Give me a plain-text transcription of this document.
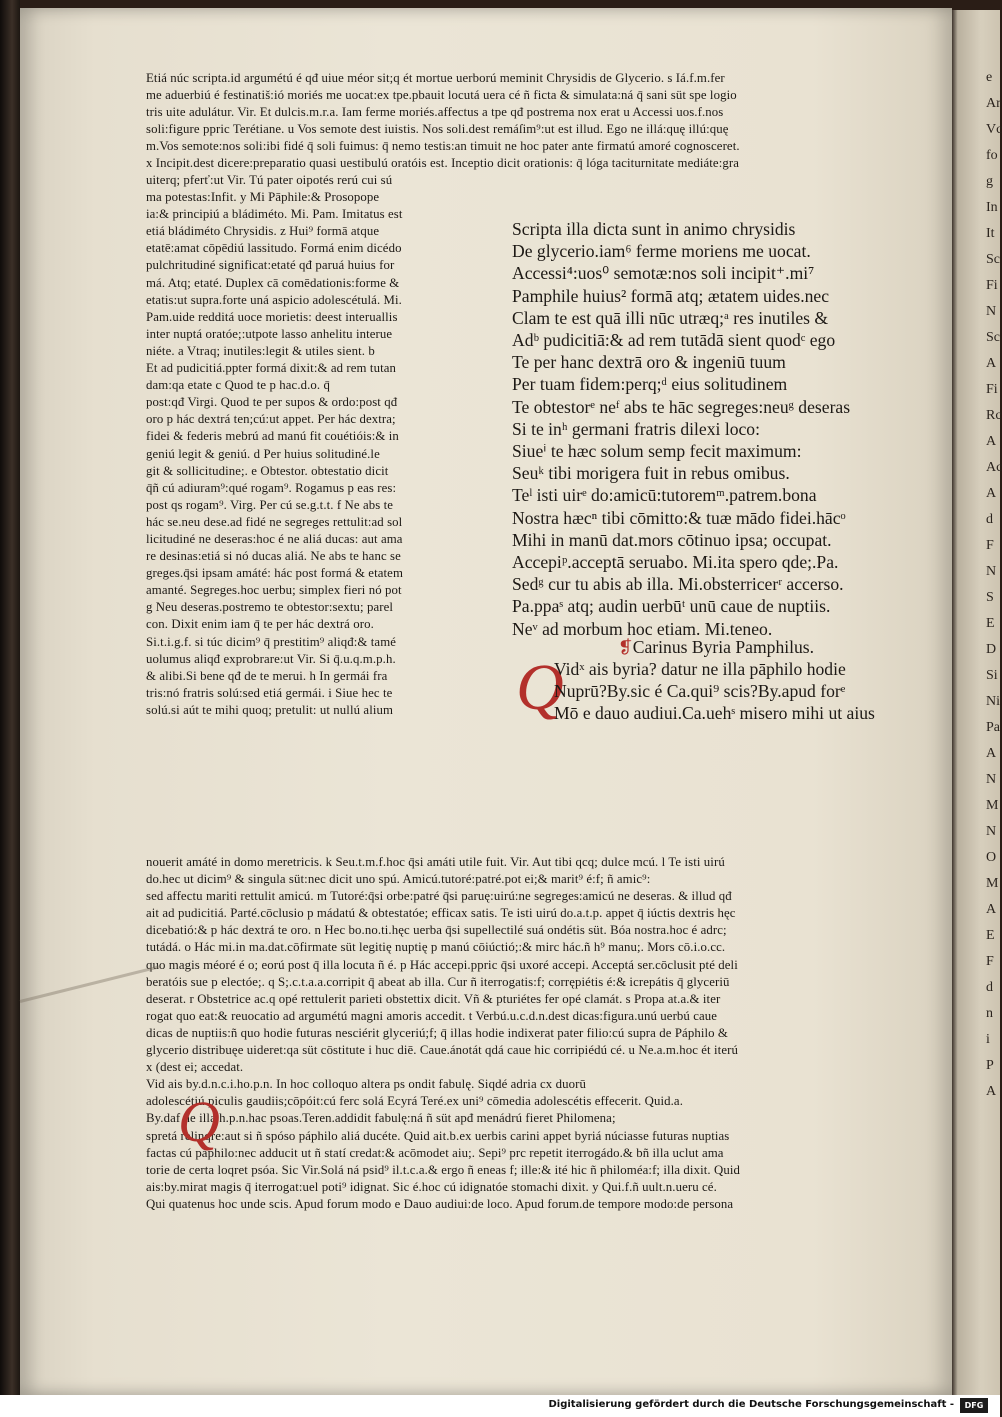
Etiá núc scripta.id argumétú é qđ uiue méor sit;q ét mortue uerború meminit Chrysidis de Glycerio. s Iá.f.m.fer
me aduerbiú é festinatiš:ió moriés me uocat:ex tpe.pbauit locutá uera cé ñ ficta & simulata:ná q̄ sani süt spe logio
tris uite adulátur. Vir. Et dulcis.m.r.a. Iam ferme moriés.affectus a tpe qđ postrema nox erat u Accessi uos.f.nos
soli:figure ppric Terétiane. u Vos semote dest iuistis. Nos soli.dest remáſim⁹:ut est illud. Ego ne illá:quę illú:quę
m.Vos semote:nos soli:ibi fidé q̄ soli fuimus: q̄ nemo testis:an timuit ne hoc pater ante firmatú amoré cognosceret.
x Incipit.dest dicere:preparatio quasi uestibulú oratóis est. Inceptio dicit orationis: q̄ lóga taciturnitate mediáte:gra
uiterq; pferť:ut Vir. Tú pater oipotés rerú cui sú
ma potestas:Infit. y Mi Pāphile:& Prosopope
ia:& principiú a bládiméto. Mi. Pam. Imitatus est
etiá bládiméto Chrysidis. z Hui⁹ formā atque
etatē:amat cōpēdiú lassitudo. Formá enim dicédo
pulchritudiné significat:etaté qđ paruá huius for
má. Atq; etaté. Duplex cā comēdationis:forme &
etatis:ut supra.forte uná aspicio adolescétulá. Mi.
Pam.uide redditá uoce morietis: deest interuallis
inter nuptá oratóe;:utpote lasso anhelitu interue
niéte. a Vtraq; inutiles:legit & utiles sient. b
Et ad pudicitiá.ppter formá dixit:& ad rem tutan
dam:qa etate c Quod te p hac.d.o. q̄
post:qđ Virgi. Quod te per supos & ordo:post qđ
oro p hác dextrá ten;cú:ut appet. Per hác dextra;
fidei & federis mebrú ad manú fit couétióis:& in
geniú legit & geniú. d Per huius solitudiné.le
git & sollicitudine;. e Obtestor. obtestatio dicit
q̄ñ cú adiuram⁹:qué rogam⁹. Rogamus p eas res:
post qs rogam⁹. Virg. Per cú se.g.t.t. f Ne abs te
hác se.neu dese.ad fidé ne segreges rettulit:ad sol
licitudiné ne deseras:hoc é ne aliá ducas: aut ama
re desinas:etiá si nó ducas aliá. Ne abs te hanc se
greges.q̄si ipsam amáté: hác post formá & etatem
amanté. Segreges.hoc uerbu; simplex fieri nó pot
g Neu deseras.postremo te obtestor:sextu; parel
con. Dixit enim iam q̄ te per hác dextrá oro.
Si.t.i.g.f. si túc dicim⁹ q̄ prestitim⁹ aliqđ:& tamé
uolumus aliqđ exprobrare:ut Vir. Si q̄.u.q.m.p.h.
& alibi.Si bene qđ de te merui. h In germái fra
tris:nó fratris solú:sed etiá germái. i Siue hec te
solú.si aút te mihi quoq; pretulit: ut nullú alium
Scripta illa dicta sunt in animo chrysidis
De glycerio.iam⁶ ferme moriens me uocat.
Accessi⁴:uos⁰ semotæ:nos soli incipit⁺.mi⁷
Pamphile huius² formā atq; ætatem uides.nec
Clam te est quā illi nūc utræq;ᵃ res inutiles &
Adᵇ pudicitiā:& ad rem tutādā sient quodᶜ ego
Te per hanc dextrā oro & ingeniū tuum
Per tuam fidem:perq;ᵈ eius solitudinem
Te obtestorᵉ neᶠ abs te hāc segreges:neuᵍ deseras
Si te inʰ germani fratris dilexi loco:
Siueⁱ te hæc solum semp fecit maximum:
Seuᵏ tibi morigera fuit in rebus omibus.
Teˡ isti uirᵉ do:amicū:tutoremᵐ.patrem.bona
Nostra hæcⁿ tibi cōmitto:& tuæ mādo fidei.hācᵒ
Mihi in manū dat.mors cōtinuo ipsa; occupat.
Accepiᵖ.acceptā seruabo. Mi.ita spero qde;.Pa.
Sedᵍ cur tu abis ab illa. Mi.obsterricerʳ accerso.
Pa.ppaˢ atq; audin uerbūᵗ unū caue de nuptiis.
Neᵛ ad morbum hoc etiam. Mi.teneo.
❡Carinus Byria Pamphilus.
Q
Vidˣ ais byria? datur ne illa pāphilo hodie
Nuprū?By.sic é Ca.qui⁹ scis?By.apud forᵉ
Mō e dauo audiui.Ca.uehˢ misero mihi ut aius
nouerit amáté in domo meretricis. k Seu.t.m.f.hoc q̄si amáti utile fuit. Vir. Aut tibi qcq; dulce mcú. l Te isti uirú
do.hec ut dicim⁹ & singula süt:nec dicit uno spú. Amicú.tutoré:patré.pot ei;& marit⁹ é:f; ñ amic⁹:
sed affectu mariti rettulit amicú. m Tutoré:q̄si orbe:patré q̄si paruę:uirú:ne segreges:amicú ne deseras. & illud qđ
ait ad pudicitiá. Parté.cōclusio p mádatú & obtestatóe; efficax satis. Te isti uirú do.a.t.p. appet q̄ iúctis dextris hęc
dicebatió:& p hác dextrá te oro. n Hec bo.no.ti.hęc uerba q̄si supellectilé suá ondétis süt. Bóa nostra.hoc é adrc;
tutádá. o Hác mi.in ma.dat.cōfirmate süt legitię nuptię p manú cōiúctió;:& mirc hác.ñ h⁹ manu;. Mors cō.i.o.cc.
quo magis méoré é o; eorú post q̄ illa locuta ñ é. p Hác accepi.ppric q̄si uxoré accepi. Acceptá ser.cōclusit pté deli
beratóis sue p electóe;. q S;.c.t.a.a.corripit q̄ abeat ab illa. Cur ñ iterrogatis:f; corrępiétis é:& icrepátis q̄ glyceriū
deserat. r Obstetrice ac.q opé rettulerit parieti obstettix dicit. Vñ & pturiétes fer opé clamát. s Propa at.a.& iter
rogat quo eat:& reuocatio ad argumétú magni amoris accedit. t Verbú.u.c.d.n.dest dicas:figura.unú uerbú caue
dicas de nuptiis:ñ quo hodie futuras nesciérit glyceriú;f; q̄ illas hodie indixerat pater filio:cú supra de Páphilo &
glycerio distribuęe uideret:qa süt cōstitute i huc diē. Caue.ánotát qdá caue hic corripiédú cé. u Ne.a.m.hoc ét iterú
x (dest ei; accedat.
Vid ais by.d.n.c.i.ho.p.n. In hoc colloquo altera ps ondit fabulę. Siqdé adria cx duorū
adolescétiú piculis gaudiis;cōpóit:cú ferc solá Ecyrá Teré.ex uni⁹ cōmedia adolescétis effecerit. Quid.a.
By.daf ne illa.h.p.n.hac psoas.Teren.addidit fabulę:ná ñ süt apđ menádrú fieret Philomena;
spretá relinqre:aut si ñ spóso páphilo aliá ducéte. Quid ait.b.ex uerbis carini appet byriá núciasse futuras nuptias
factas cú páphilo:nec adducit ut ñ statí credat:& acōmodet aiu;. Sepi⁹ prc repetit iterrogádo.& bñ illa uclut ama
torie de certa loqret psóa. Sic Vir.Solá ná psid⁹ il.t.c.a.& ergo ñ eneas f; ille:& ité hic ñ philoméa:f; illa dixit. Quid
ais:by.mirat magis q̄ iterrogat:uel poti⁹ idignat. Sic é.hoc cú idignatóe stomachi dixit. y Qui.f.ñ uult.n.ueru cé.
Qui quatenus hoc unde scis. Apud forum modo e Dauo audiui:de loco. Apud forum.de tempore modo:de persona
Q
e
Ar
Vc
fo
g
In
It
Sc
Fi
N
Sc
A
Fi
Rc
A
Ac
A
d
F
N
S
E
D
Si
Ni
Pa
A
N
M
N
O
M
A
E
F
d
n
i
P
A
Digitalisierung gefördert durch die Deutsche Forschungsgemeinschaft -	DFG
